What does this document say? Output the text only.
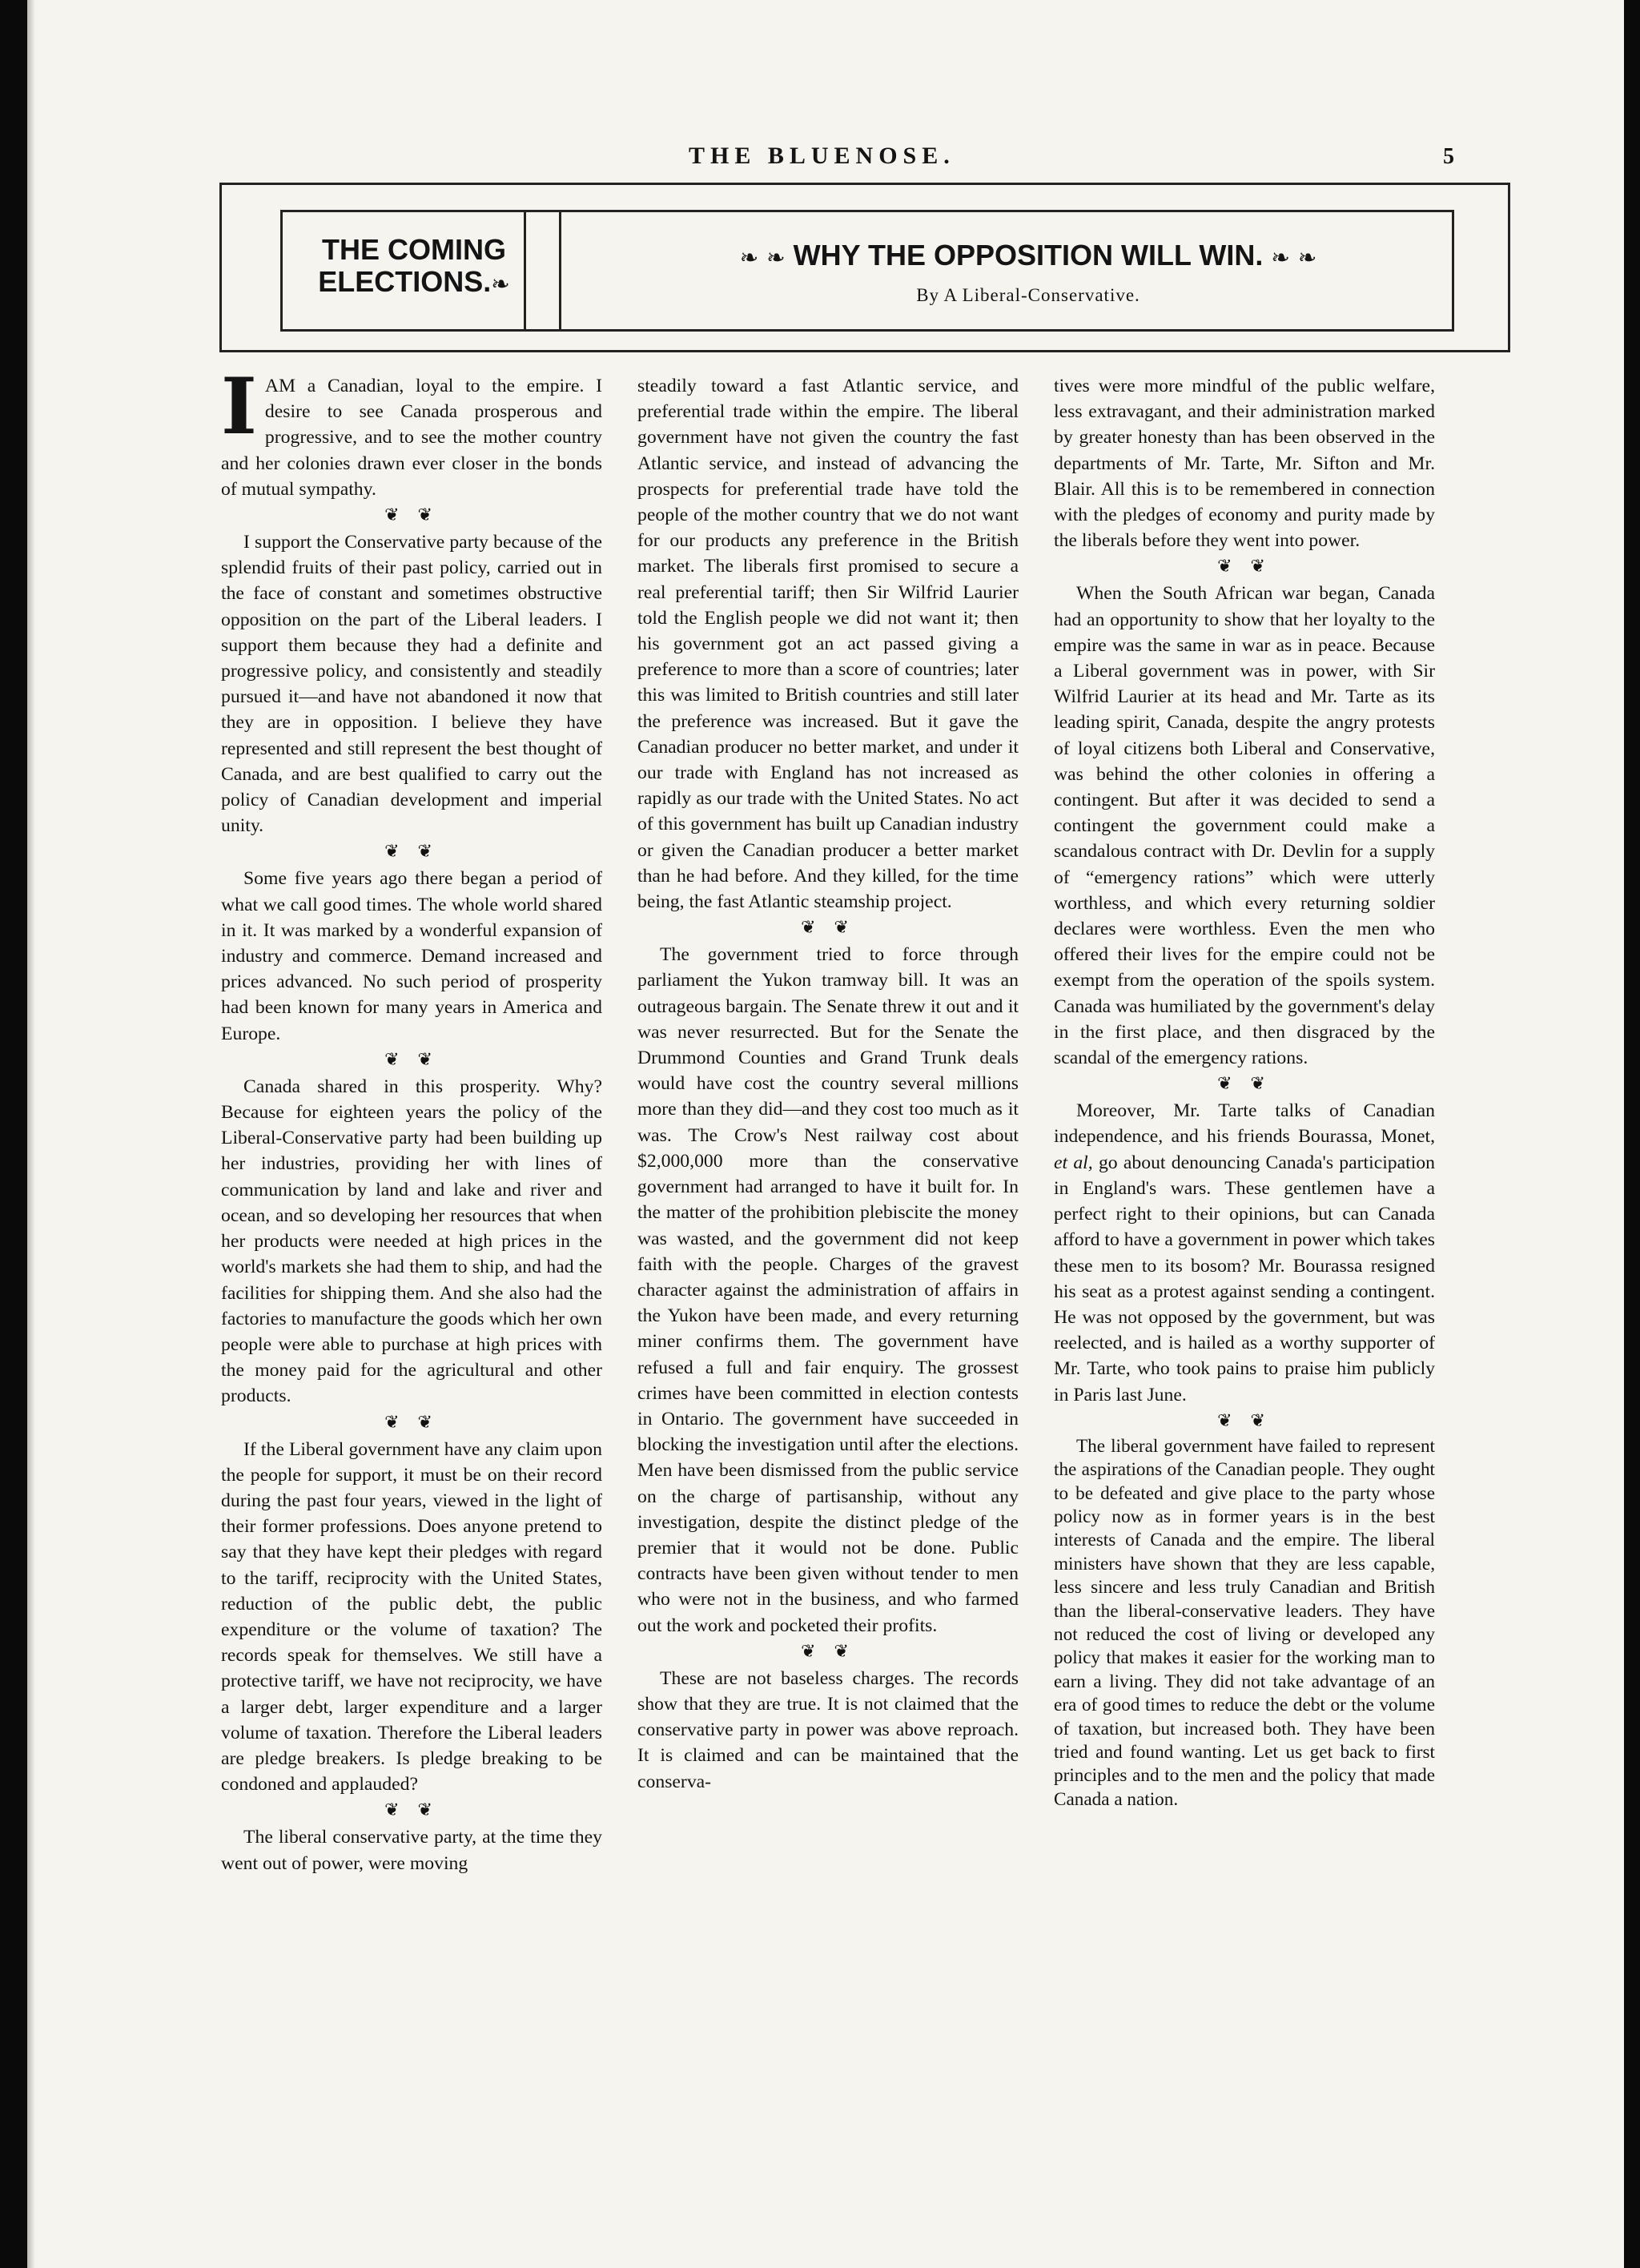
THE BLUENOSE.	5
THE COMING
ELECTIONS.❧
❧ ❧ WHY THE OPPOSITION WILL WIN. ❧ ❧
By A Liberal-Conservative.

IAM a Canadian, loyal to the empire. I desire to see Canada prosperous and progressive, and to see the mother country and her colonies drawn ever closer in the bonds of mutual sympathy.

❦ ❦

I support the Conservative party because of the splendid fruits of their past policy, carried out in the face of constant and sometimes obstructive opposition on the part of the Liberal leaders. I support them because they had a definite and progressive policy, and consistently and steadily pursued it—and have not abandoned it now that they are in opposition. I believe they have represented and still represent the best thought of Canada, and are best qualified to carry out the policy of Canadian development and imperial unity.

❦ ❦

Some five years ago there began a period of what we call good times. The whole world shared in it. It was marked by a wonderful expansion of industry and commerce. Demand increased and prices advanced. No such period of prosperity had been known for many years in America and Europe.

❦ ❦

Canada shared in this prosperity. Why? Because for eighteen years the policy of the Liberal-Conservative party had been building up her industries, providing her with lines of communication by land and lake and river and ocean, and so developing her resources that when her products were needed at high prices in the world's markets she had them to ship, and had the facilities for shipping them. And she also had the factories to manufacture the goods which her own people were able to purchase at high prices with the money paid for the agricultural and other products.

❦ ❦

If the Liberal government have any claim upon the people for support, it must be on their record during the past four years, viewed in the light of their former professions. Does anyone pretend to say that they have kept their pledges with regard to the tariff, reciprocity with the United States, reduction of the public debt, the public expenditure or the volume of taxation? The records speak for themselves. We still have a protective tariff, we have not reciprocity, we have a larger debt, larger expenditure and a larger volume of taxation. Therefore the Liberal leaders are pledge breakers. Is pledge breaking to be condoned and applauded?

❦ ❦

The liberal conservative party, at the time they went out of power, were moving

steadily toward a fast Atlantic service, and preferential trade within the empire. The liberal government have not given the country the fast Atlantic service, and instead of advancing the prospects for preferential trade have told the people of the mother country that we do not want for our products any preference in the British market. The liberals first promised to secure a real preferential tariff; then Sir Wilfrid Laurier told the English people we did not want it; then his government got an act passed giving a preference to more than a score of countries; later this was limited to British countries and still later the preference was increased. But it gave the Canadian producer no better market, and under it our trade with England has not increased as rapidly as our trade with the United States. No act of this government has built up Canadian industry or given the Canadian producer a better market than he had before. And they killed, for the time being, the fast Atlantic steamship project.

❦ ❦

The government tried to force through parliament the Yukon tramway bill. It was an outrageous bargain. The Senate threw it out and it was never resurrected. But for the Senate the Drummond Counties and Grand Trunk deals would have cost the country several millions more than they did—and they cost too much as it was. The Crow's Nest railway cost about $2,000,000 more than the conservative government had arranged to have it built for. In the matter of the prohibition plebiscite the money was wasted, and the government did not keep faith with the people. Charges of the gravest character against the administration of affairs in the Yukon have been made, and every returning miner confirms them. The government have refused a full and fair enquiry. The grossest crimes have been committed in election contests in Ontario. The government have succeeded in blocking the investigation until after the elections. Men have been dismissed from the public service on the charge of partisanship, without any investigation, despite the distinct pledge of the premier that it would not be done. Public contracts have been given without tender to men who were not in the business, and who farmed out the work and pocketed their profits.

❦ ❦

These are not baseless charges. The records show that they are true. It is not claimed that the conservative party in power was above reproach. It is claimed and can be maintained that the conserva-

tives were more mindful of the public welfare, less extravagant, and their administration marked by greater honesty than has been observed in the departments of Mr. Tarte, Mr. Sifton and Mr. Blair. All this is to be remembered in connection with the pledges of economy and purity made by the liberals before they went into power.

❦ ❦

When the South African war began, Canada had an opportunity to show that her loyalty to the empire was the same in war as in peace. Because a Liberal government was in power, with Sir Wilfrid Laurier at its head and Mr. Tarte as its leading spirit, Canada, despite the angry protests of loyal citizens both Liberal and Conservative, was behind the other colonies in offering a contingent. But after it was decided to send a contingent the government could make a scandalous contract with Dr. Devlin for a supply of “emergency rations” which were utterly worthless, and which every returning soldier declares were worthless. Even the men who offered their lives for the empire could not be exempt from the operation of the spoils system. Canada was humiliated by the government's delay in the first place, and then disgraced by the scandal of the emergency rations.

❦ ❦

Moreover, Mr. Tarte talks of Canadian independence, and his friends Bourassa, Monet, et al, go about denouncing Canada's participation in England's wars. These gentlemen have a perfect right to their opinions, but can Canada afford to have a government in power which takes these men to its bosom? Mr. Bourassa resigned his seat as a protest against sending a contingent. He was not opposed by the government, but was reelected, and is hailed as a worthy supporter of Mr. Tarte, who took pains to praise him publicly in Paris last June.

❦ ❦

The liberal government have failed to represent the aspirations of the Canadian people. They ought to be defeated and give place to the party whose policy now as in former years is in the best interests of Canada and the empire. The liberal ministers have shown that they are less capable, less sincere and less truly Canadian and British than the liberal-conservative leaders. They have not reduced the cost of living or developed any policy that makes it easier for the working man to earn a living. They did not take advantage of an era of good times to reduce the debt or the volume of taxation, but increased both. They have been tried and found wanting. Let us get back to first principles and to the men and the policy that made Canada a nation.
